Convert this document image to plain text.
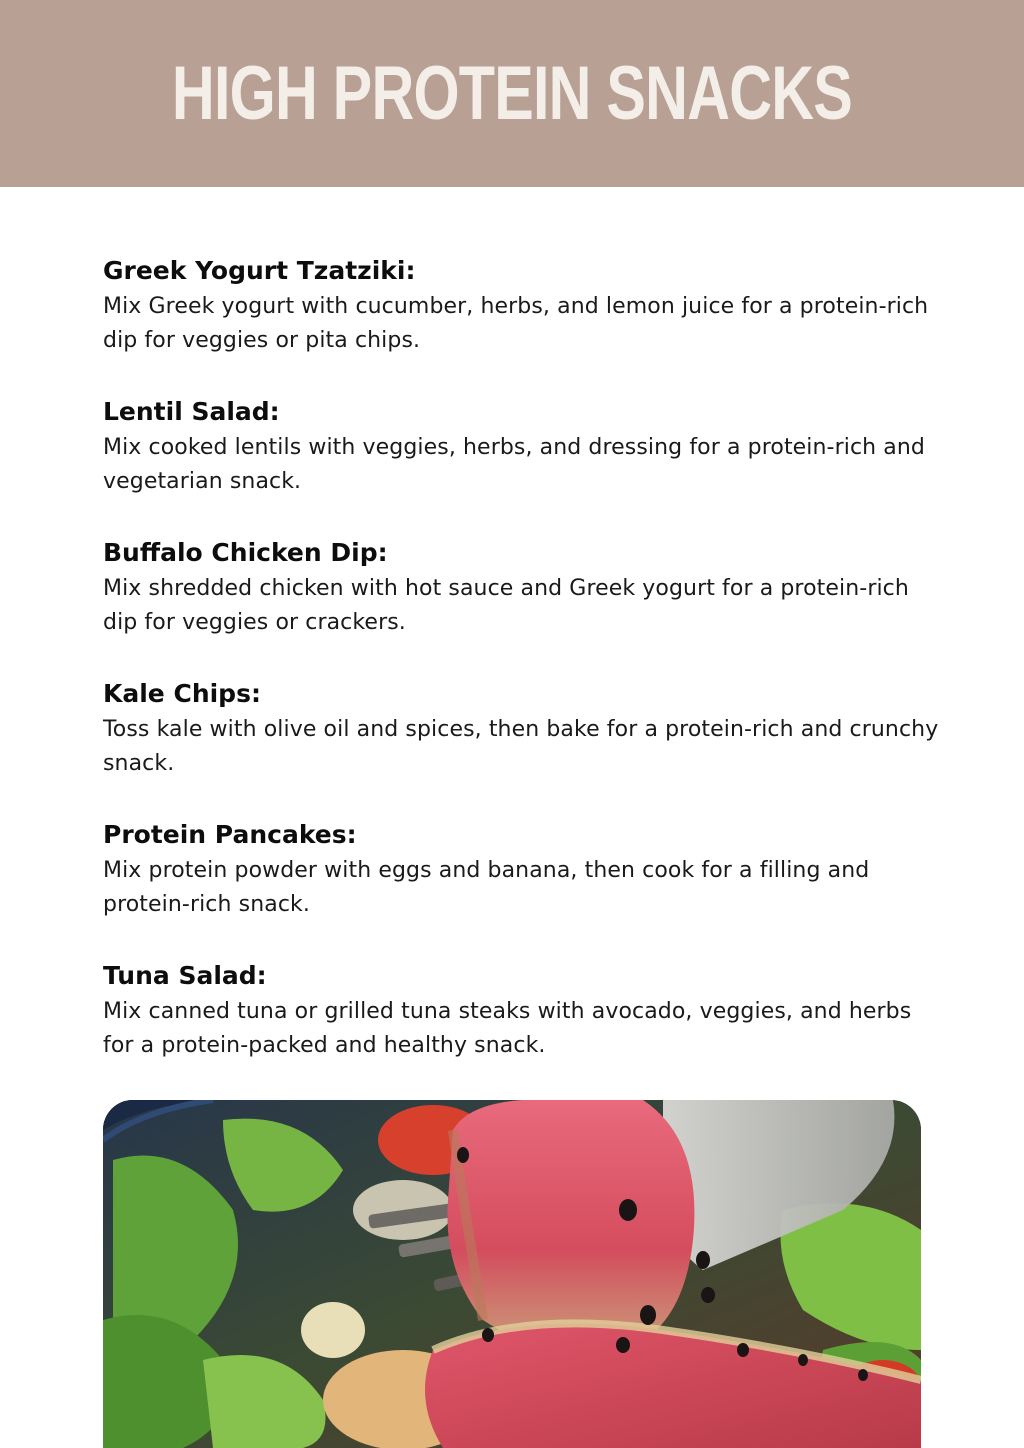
HIGH PROTEIN SNACKS

Greek Yogurt Tzatziki:

Mix Greek yogurt with cucumber, herbs, and lemon juice for a protein-rich dip for veggies or pita chips.

Lentil Salad:

Mix cooked lentils with veggies, herbs, and dressing for a protein-rich and vegetarian snack.

Buffalo Chicken Dip:

Mix shredded chicken with hot sauce and Greek yogurt for a protein-rich dip for veggies or crackers.

Kale Chips:

Toss kale with olive oil and spices, then bake for a protein-rich and crunchy snack.

Protein Pancakes:

Mix protein powder with eggs and banana, then cook for a filling and protein-rich snack.

Tuna Salad:

Mix canned tuna or grilled tuna steaks with avocado, veggies, and herbs for a protein-packed and healthy snack.
